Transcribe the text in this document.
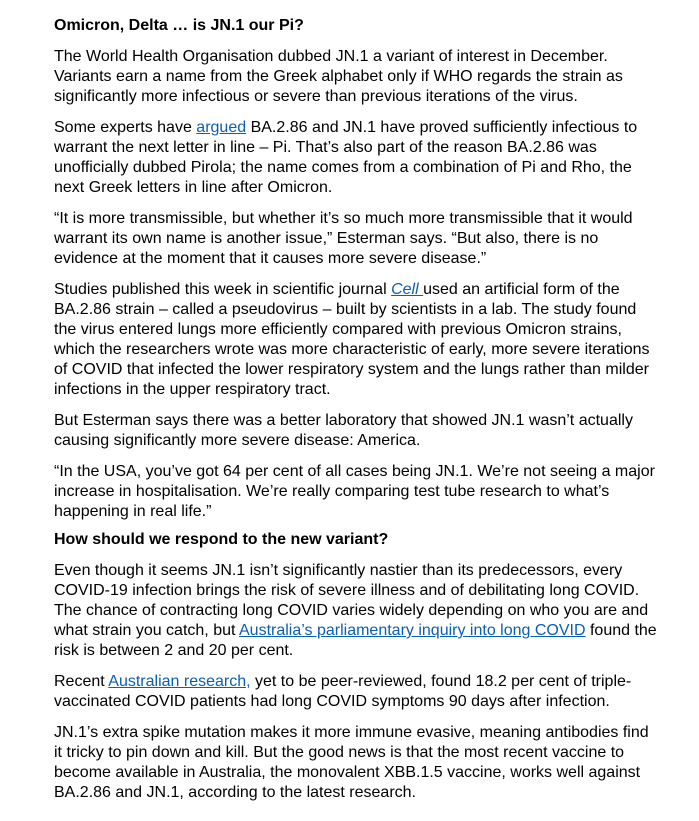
Omicron, Delta … is JN.1 our Pi?

The World Health Organisation dubbed JN.1 a variant of interest in December. Variants earn a name from the Greek alphabet only if WHO regards the strain as significantly more infectious or severe than previous iterations of the virus.

Some experts have argued BA.2.86 and JN.1 have proved sufficiently infectious to warrant the next letter in line – Pi. That’s also part of the reason BA.2.86 was unofficially dubbed Pirola; the name comes from a combination of Pi and Rho, the next Greek letters in line after Omicron.

“It is more transmissible, but whether it’s so much more transmissible that it would warrant its own name is another issue,” Esterman says. “But also, there is no evidence at the moment that it causes more severe disease.”

Studies published this week in scientific journal Cell used an artificial form of the BA.2.86 strain – called a pseudovirus – built by scientists in a lab. The study found the virus entered lungs more efficiently compared with previous Omicron strains, which the researchers wrote was more characteristic of early, more severe iterations of COVID that infected the lower respiratory system and the lungs rather than milder infections in the upper respiratory tract.

But Esterman says there was a better laboratory that showed JN.1 wasn’t actually causing significantly more severe disease: America.

“In the USA, you’ve got 64 per cent of all cases being JN.1. We’re not seeing a major increase in hospitalisation. We’re really comparing test tube research to what’s happening in real life.”

How should we respond to the new variant?

Even though it seems JN.1 isn’t significantly nastier than its predecessors, every COVID-19 infection brings the risk of severe illness and of debilitating long COVID. The chance of contracting long COVID varies widely depending on who you are and what strain you catch, but Australia’s parliamentary inquiry into long COVID found the risk is between 2 and 20 per cent.

Recent Australian research, yet to be peer-reviewed, found 18.2 per cent of triple-vaccinated COVID patients had long COVID symptoms 90 days after infection.

JN.1’s extra spike mutation makes it more immune evasive, meaning antibodies find it tricky to pin down and kill. But the good news is that the most recent vaccine to become available in Australia, the monovalent XBB.1.5 vaccine, works well against BA.2.86 and JN.1, according to the latest research.
